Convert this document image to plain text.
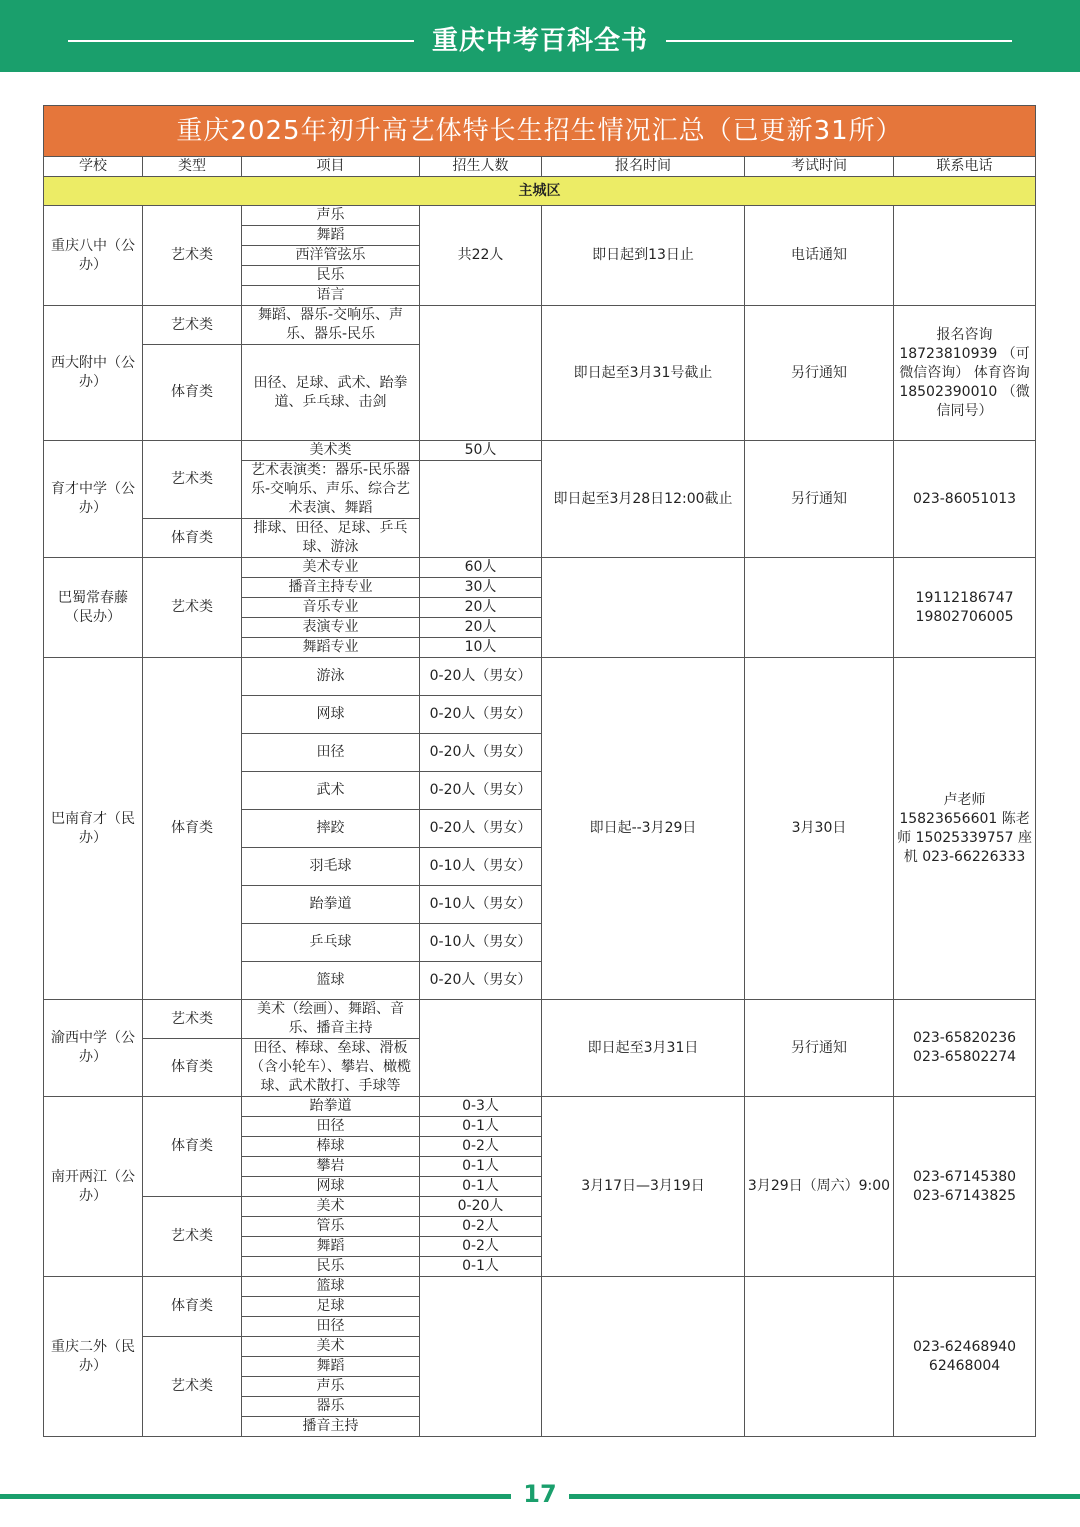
重庆中考百科全书
重庆2025年初升高艺体特长生招生情况汇总（已更新31所）						
学校	类型	项目	招生人数	报名时间	考试时间	联系电话
主城区						
重庆八中（公办）	艺术类	声乐	共22人	即日起到13日止	电话通知	
		舞蹈				
		西洋管弦乐				
		民乐				
		语言				
西大附中（公办）	艺术类	舞蹈、器乐-交响乐、声乐、器乐-民乐		即日起至3月31号截止	另行通知	报名咨询 18723810939 （可微信咨询） 体育咨询 18502390010 （微信同号）
	体育类	田径、足球、武术、跆拳道、乒乓球、击剑				
育才中学（公办）	艺术类	美术类	50人	即日起至3月28日12:00截止	另行通知	023-86051013
		艺术表演类：器乐-民乐器乐-交响乐、声乐、综合艺术表演、舞蹈				
	体育类	排球、田径、足球、乒乓球、游泳				
巴蜀常春藤（民办）	艺术类	美术专业	60人			19112186747 19802706005
		播音主持专业	30人			
		音乐专业	20人			
		表演专业	20人			
		舞蹈专业	10人			
巴南育才（民办）	体育类	游泳	0-20人（男女）	即日起--3月29日	3月30日	卢老师 15823656601 陈老师 15025339757 座机 023-66226333
		网球	0-20人（男女）			
		田径	0-20人（男女）			
		武术	0-20人（男女）			
		摔跤	0-20人（男女）			
		羽毛球	0-10人（男女）			
		跆拳道	0-10人（男女）			
		乒乓球	0-10人（男女）			
		篮球	0-20人（男女）			
渝西中学（公办）	艺术类	美术（绘画）、舞蹈、音乐、播音主持		即日起至3月31日	另行通知	023-65820236 023-65802274
	体育类	田径、棒球、垒球、滑板（含小轮车）、攀岩、橄榄球、武术散打、手球等				
南开两江（公办）	体育类	跆拳道	0-3人	3月17日—3月19日	3月29日（周六）9:00	023-67145380 023-67143825
		田径	0-1人			
		棒球	0-2人			
		攀岩	0-1人			
		网球	0-1人			
	艺术类	美术	0-20人			
		管乐	0-2人			
		舞蹈	0-2人			
		民乐	0-1人			
重庆二外（民办）	体育类	篮球				023-62468940 62468004
		足球				
		田径				
	艺术类	美术				
		舞蹈				
		声乐				
		器乐				
		播音主持				
17
